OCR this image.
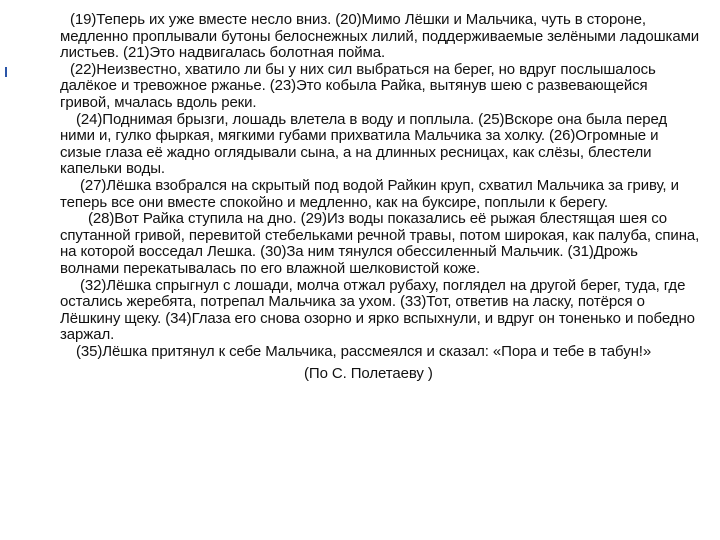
(19)Теперь их уже вместе несло вниз. (20)Мимо Лёшки и Мальчика, чуть в стороне, медленно проплывали бутоны белоснежных лилий, поддерживаемые зелёными ладошками листьев. (21)Это надвигалась болотная пойма.

(22)Неизвестно, хватило ли бы у них сил выбраться на берег, но вдруг послышалось далёкое и тревожное ржанье. (23)Это кобыла Райка, вытянув шею с развевающейся гривой, мчалась вдоль реки.

(24)Поднимая брызги, лошадь влетела в воду и поплыла. (25)Вскоре она была перед ними и, гулко фыркая, мягкими губами прихватила Мальчика за холку. (26)Огромные и сизые глаза её жадно оглядывали сына, а на длинных ресницах, как слёзы, блестели капельки воды.

(27)Лёшка взобрался на скрытый под водой Райкин круп, схватил Мальчика за гриву, и теперь все они вместе спокойно и медленно, как на буксире, поплыли к берегу.

(28)Вот Райка ступила на дно. (29)Из воды показались её рыжая блестящая шея со спутанной гривой, перевитой стебельками речной травы, потом широкая, как палуба, спина, на которой восседал Лешка. (30)За ним тянулся обессиленный Мальчик. (31)Дрожь волнами перекатывалась по его влажной шелковистой коже.

(32)Лёшка спрыгнул с лошади, молча отжал рубаху, поглядел на другой берег, туда, где остались жеребята, потрепал Мальчика за ухом. (33)Тот, ответив на ласку, потёрся о Лёшкину щеку. (34)Глаза его снова озорно и ярко вспыхнули, и вдруг он тоненько и победно заржал.

(35)Лёшка притянул к себе Мальчика, рассмеялся и сказал: «Пора и тебе в табун!»

(По С. Полетаеву )
